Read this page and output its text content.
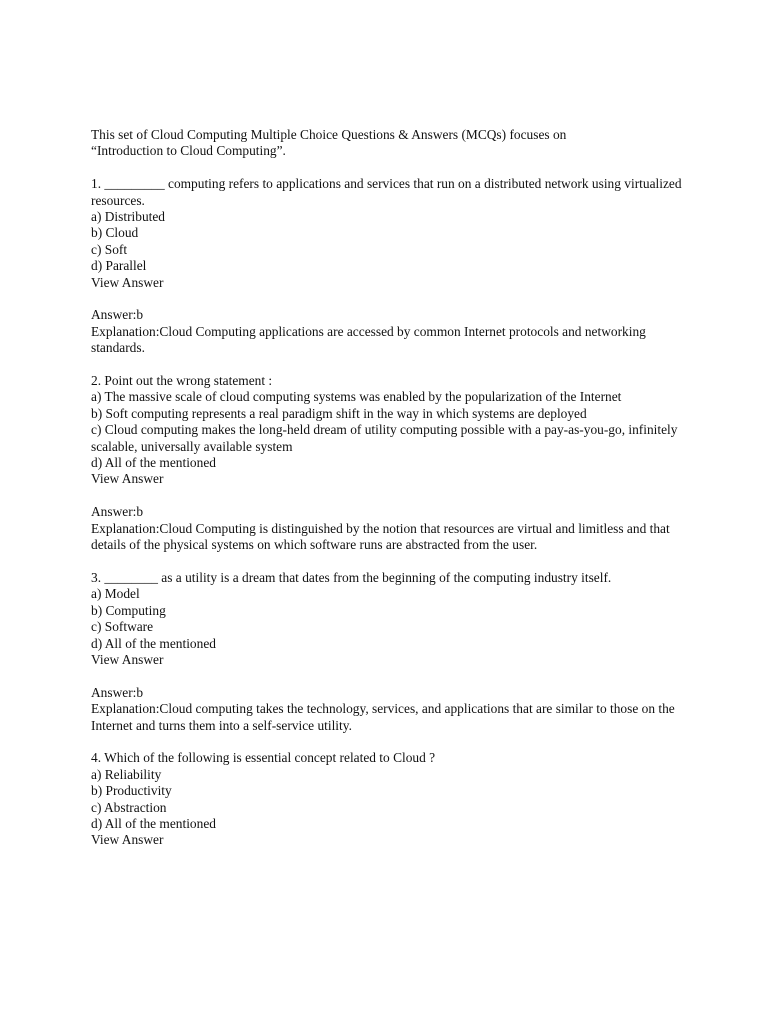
This set of Cloud Computing Multiple Choice Questions & Answers (MCQs) focuses on
“Introduction to Cloud Computing”.

1. _________ computing refers to applications and services that run on a distributed network using virtualized resources.
a) Distributed
b) Cloud
c) Soft
d) Parallel
View Answer
Answer:b
Explanation:Cloud Computing applications are accessed by common Internet protocols and networking standards.
2. Point out the wrong statement :
a) The massive scale of cloud computing systems was enabled by the popularization of the Internet
b) Soft computing represents a real paradigm shift in the way in which systems are deployed
c) Cloud computing makes the long-held dream of utility computing possible with a pay-as-you-go, infinitely scalable, universally available system
d) All of the mentioned
View Answer
Answer:b
Explanation:Cloud Computing is distinguished by the notion that resources are virtual and limitless and that details of the physical systems on which software runs are abstracted from the user.
3. ________ as a utility is a dream that dates from the beginning of the computing industry itself.
a) Model
b) Computing
c) Software
d) All of the mentioned
View Answer
Answer:b
Explanation:Cloud computing takes the technology, services, and applications that are similar to those on the Internet and turns them into a self-service utility.
4. Which of the following is essential concept related to Cloud ?
a) Reliability
b) Productivity
c) Abstraction
d) All of the mentioned
View Answer
